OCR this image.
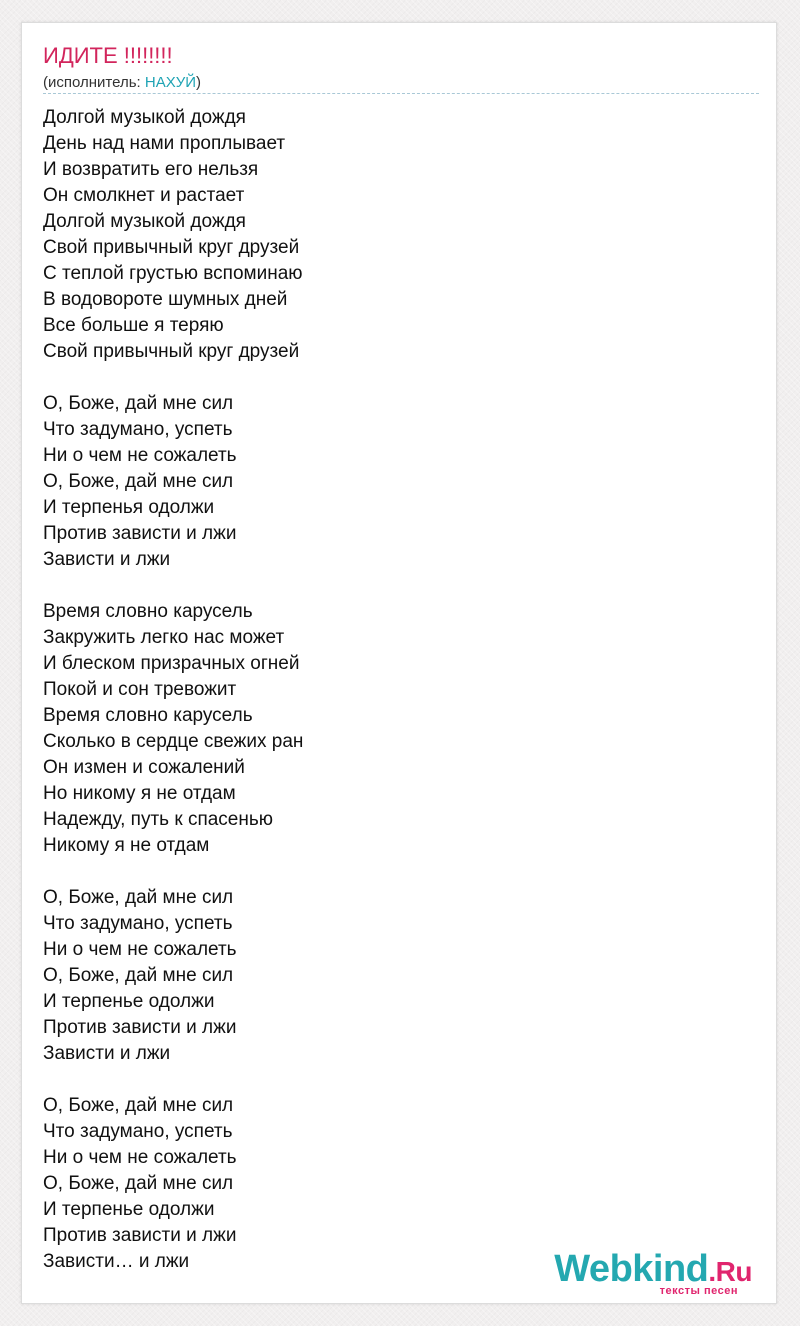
ИДИТЕ !!!!!!!!
(исполнитель: НАХУЙ)
Долгой музыкой дождя
День над нами проплывает
И возвратить его нельзя
Он смолкнет и растает
Долгой музыкой дождя
Свой привычный круг друзей
С теплой грустью вспоминаю
В водовороте шумных дней
Все больше я теряю
Свой привычный круг друзей
О, Боже, дай мне сил
Что задумано, успеть
Ни о чем не сожалеть
О, Боже, дай мне сил
И терпенья одолжи
Против зависти и лжи
Зависти и лжи
Время словно карусель
Закружить легко нас может
И блеском призрачных огней
Покой и сон тревожит
Время словно карусель
Сколько в сердце свежих ран
Он измен и сожалений
Но никому я не отдам
Надежду, путь к спасенью
Никому я не отдам
О, Боже, дай мне сил
Что задумано, успеть
Ни о чем не сожалеть
О, Боже, дай мне сил
И терпенье одолжи
Против зависти и лжи
Зависти и лжи
О, Боже, дай мне сил
Что задумано, успеть
Ни о чем не сожалеть
О, Боже, дай мне сил
И терпенье одолжи
Против зависти и лжи
Зависти… и лжи	Webkind.Ru
тексты песен
